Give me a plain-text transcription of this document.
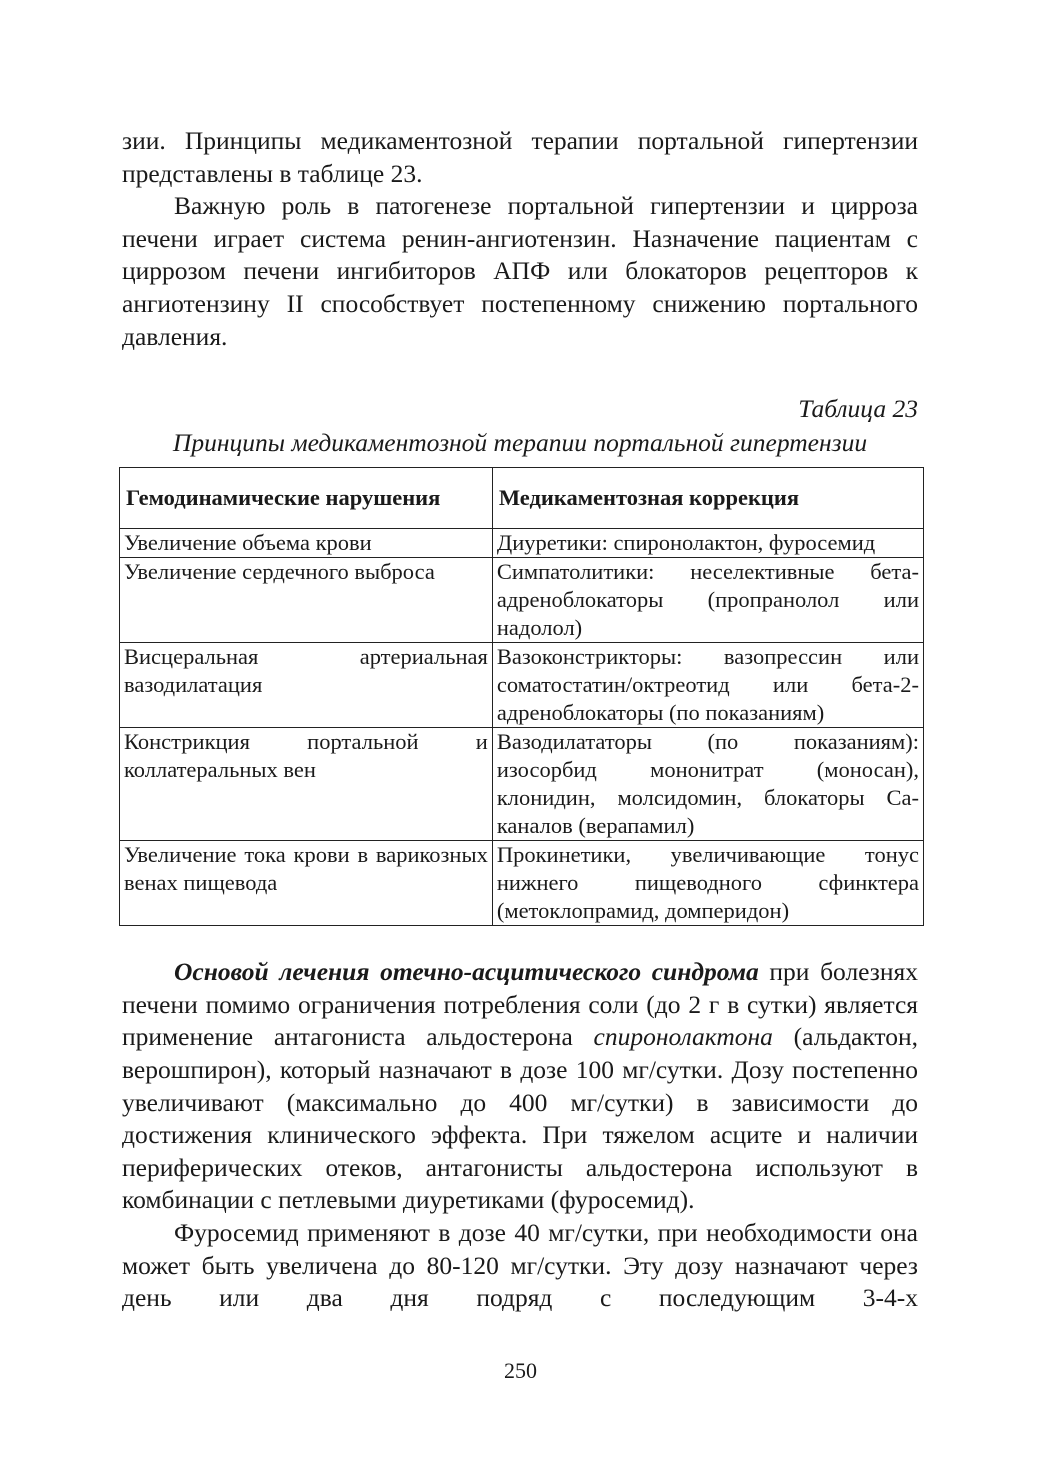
зии. Принципы медикаментозной терапии портальной гипертензии представлены в таблице 23.

Важную роль в патогенезе портальной гипертензии и цирроза печени играет система ренин-ангиотензин. Назначение пациентам с циррозом печени ингибиторов АПФ или блокаторов рецепторов к ангиотензину II способствует постепенному снижению портального давления.

Таблица 23
Принципы медикаментозной терапии портальной гипертензии
Гемодинамические нарушения	Медикаментозная коррекция
Увеличение объема крови	Диуретики: спиронолактон, фуросемид
Увеличение сердечного выброса	Симпатолитики: неселективные бета-адреноблокаторы (пропранолол или надолол)
Висцеральная артериальная вазодилатация	Вазоконстрикторы: вазопрессин или соматостатин/октреотид или бета-2-адреноблокаторы (по показаниям)
Констрикция портальной и коллатеральных вен	Вазодилататоры (по показаниям): изосорбид мононитрат (моносан), клонидин, молсидомин, блокаторы Са-каналов (верапамил)
Увеличение тока крови в варикозных венах пищевода	Прокинетики, увеличивающие тонус нижнего пищеводного сфинктера (метоклопрамид, домперидон)

Основой лечения отечно-асцитического синдрома при болезнях печени помимо ограничения потребления соли (до 2 г в сутки) является применение антагониста альдостерона спиронолактона (альдактон, верошпирон), который назначают в дозе 100 мг/сутки. Дозу постепенно увеличивают (максимально до 400 мг/сутки) в зависимости до достижения клинического эффекта. При тяжелом асците и наличии периферических отеков, антагонисты альдостерона используют в комбинации с петлевыми диуретиками (фуросемид).

Фуросемид применяют в дозе 40 мг/сутки, при необходимости она может быть увеличена до 80-120 мг/сутки. Эту дозу назначают через день или два дня подряд с последующим 3-4-х

250
